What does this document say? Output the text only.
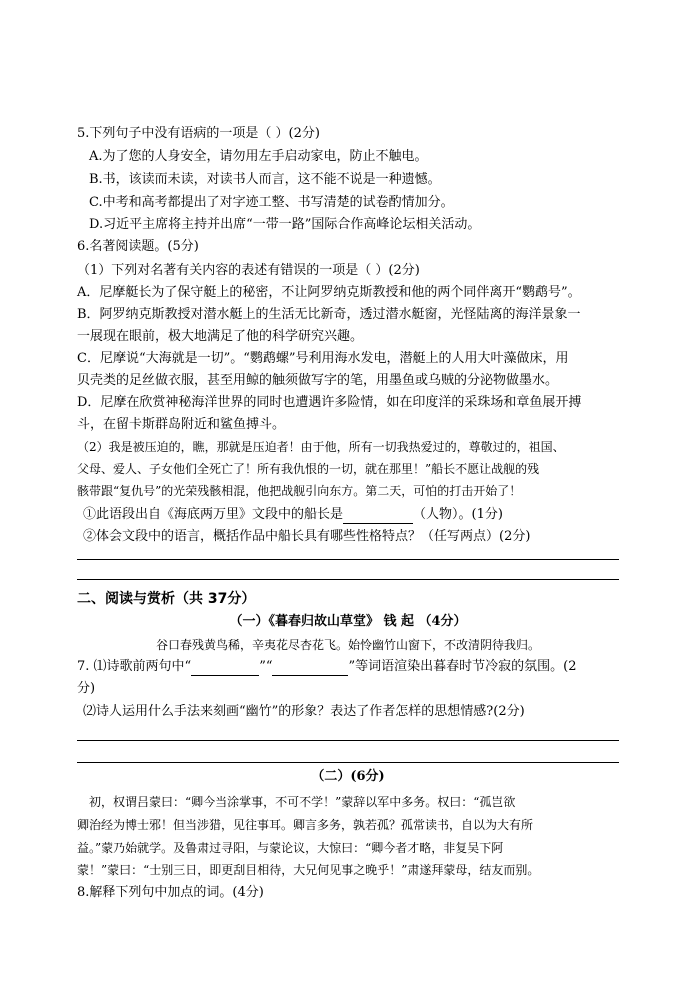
5.下列句子中没有语病的一项是（ ）(2分)
A.为了您的人身安全，请勿用左手启动家电，防止不触电。
B.书，该读而未读，对读书人而言，这不能不说是一种遗憾。
C.中考和高考都提出了对字迹工整、书写清楚的试卷酌情加分。
D.习近平主席将主持并出席“一带一路”国际合作高峰论坛相关活动。
6.名著阅读题。(5分)
（1）下列对名著有关内容的表述有错误的一项是（ ）(2分)
A．尼摩艇长为了保守艇上的秘密，不让阿罗纳克斯教授和他的两个同伴离开“鹦鹉号”。
B．阿罗纳克斯教授对潜水艇上的生活无比新奇，透过潜水艇窗，光怪陆离的海洋景象一
一展现在眼前，极大地满足了他的科学研究兴趣。
C．尼摩说“大海就是一切”。“鹦鹉螺”号利用海水发电，潜艇上的人用大叶藻做床，用
贝壳类的足丝做衣服，甚至用鲸的触须做写字的笔，用墨鱼或乌贼的分泌物做墨水。
D．尼摩在欣赏神秘海洋世界的同时也遭遇许多险情，如在印度洋的采珠场和章鱼展开搏
斗，在留卡斯群岛附近和鲨鱼搏斗。
（2）我是被压迫的，瞧，那就是压迫者！由于他，所有一切我热爱过的，尊敬过的，祖国、
父母、爱人、子女他们全死亡了！所有我仇恨的一切，就在那里！”船长不愿让战舰的残
骸带跟“复仇号”的光荣残骸相混，他把战舰引向东方。第二天，可怕的打击开始了！
①此语段出自《海底两万里》文段中的船长是	（人物）。(1分)
②体会文段中的语言，概括作品中船长具有哪些性格特点？（任写两点）(2分)
二、阅读与赏析（共 37分）
（一）《暮春归故山草堂》 钱 起 （4分）
谷口春残黄鸟稀，辛夷花尽杏花飞。始怜幽竹山窗下，不改清阴待我归。
7. ⑴诗歌前两句中“	”“	”等词语渲染出暮春时节冷寂的氛围。(2
分)
⑵诗人运用什么手法来刻画“幽竹”的形象？表达了作者怎样的思想情感?(2分)
（二）(6分)
初，权谓吕蒙曰：“卿今当涂掌事，不可不学！”蒙辞以军中多务。权曰：“孤岂欲
卿治经为博士邪！但当涉猎，见往事耳。卿言多务，孰若孤？孤常读书，自以为大有所
益。”蒙乃始就学。及鲁肃过寻阳，与蒙论议，大惊曰：“卿今者才略，非复吴下阿
蒙！”蒙曰：“士别三日，即更刮目相待，大兄何见事之晚乎！”肃遂拜蒙母，结友而别。
8.解释下列句中加点的词。(4分)
